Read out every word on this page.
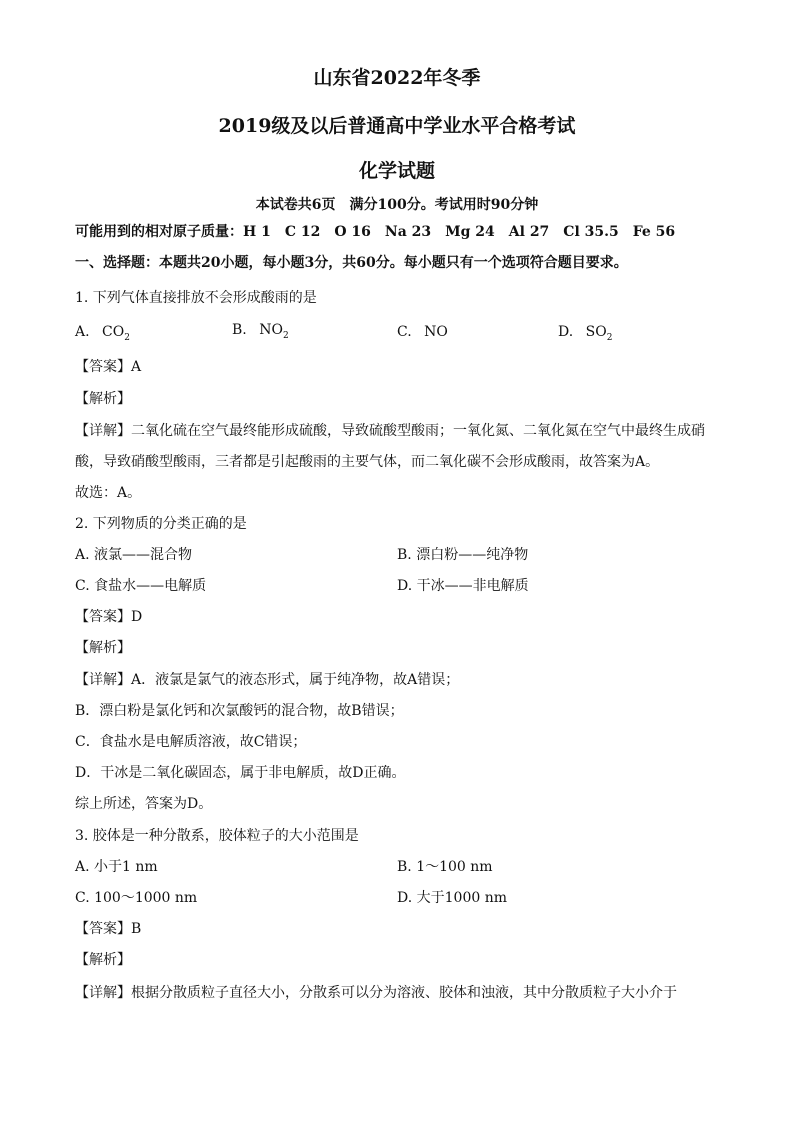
山东省2022年冬季
2019级及以后普通高中学业水平合格考试
化学试题
本试卷共6页　满分100分。考试用时90分钟
可能用到的相对原子质量：H 1　C 12　O 16　Na 23　Mg 24　Al 27　Cl 35.5　Fe 56
一、选择题：本题共20小题，每小题3分，共60分。每小题只有一个选项符合题目要求。
1. 下列气体直接排放不会形成酸雨的是
A. $CO_2$	B. $NO_2$	C. NO	D. $SO_2$
【答案】A
【解析】
【详解】二氧化硫在空气最终能形成硫酸，导致硫酸型酸雨；一氧化氮、二氧化氮在空气中最终生成硝
酸，导致硝酸型酸雨，三者都是引起酸雨的主要气体，而二氧化碳不会形成酸雨，故答案为A。
故选：A。
2. 下列物质的分类正确的是
A. 液氯——混合物	B. 漂白粉——纯净物
C. 食盐水——电解质	D. 干冰——非电解质
【答案】D
【解析】
【详解】A．液氯是氯气的液态形式，属于纯净物，故A错误；
B．漂白粉是氯化钙和次氯酸钙的混合物，故B错误；
C．食盐水是电解质溶液，故C错误；
D．干冰是二氧化碳固态，属于非电解质，故D正确。
综上所述，答案为D。
3. 胶体是一种分散系，胶体粒子的大小范围是
A. 小于1 nm	B. 1～100 nm
C. 100～1000 nm	D. 大于1000 nm
【答案】B
【解析】
【详解】根据分散质粒子直径大小，分散系可以分为溶液、胶体和浊液，其中分散质粒子大小介于
